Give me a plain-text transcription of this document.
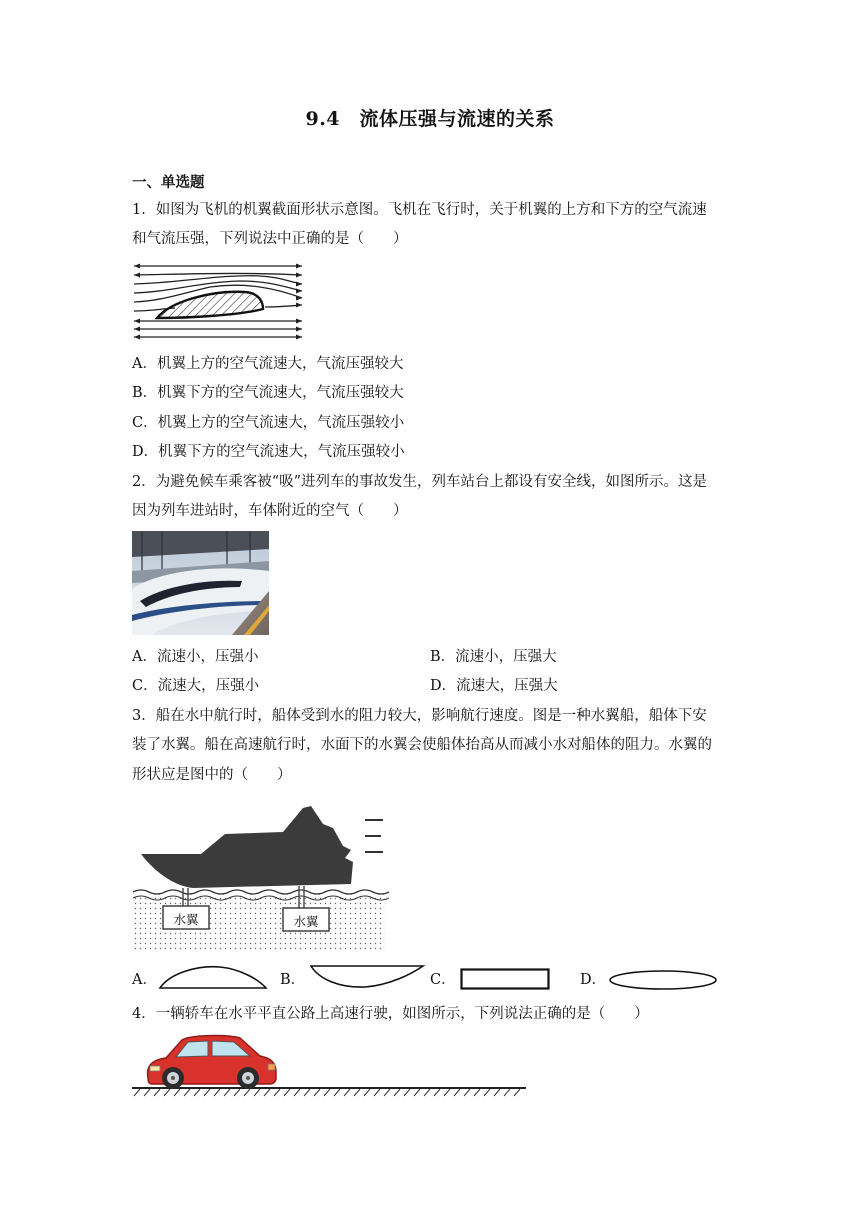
9.4　流体压强与流速的关系
一、单选题
1．如图为飞机的机翼截面形状示意图。飞机在飞行时，关于机翼的上方和下方的空气流速
和气流压强，下列说法中正确的是（　　）
A．机翼上方的空气流速大，气流压强较大
B．机翼下方的空气流速大，气流压强较大
C．机翼上方的空气流速大，气流压强较小
D．机翼下方的空气流速大，气流压强较小
2．为避免候车乘客被“吸”进列车的事故发生，列车站台上都设有安全线，如图所示。这是
因为列车进站时，车体附近的空气（　　）
A．流速小，压强小	B．流速小，压强大
C．流速大，压强小	D．流速大，压强大
3．船在水中航行时，船体受到水的阻力较大，影响航行速度。图是一种水翼船，船体下安
装了水翼。船在高速航行时，水面下的水翼会使船体抬高从而减小水对船体的阻力。水翼的
形状应是图中的（　　）
水翼	水翼
A．	B．	C．	D．
4．一辆轿车在水平平直公路上高速行驶，如图所示，下列说法正确的是（　　）
